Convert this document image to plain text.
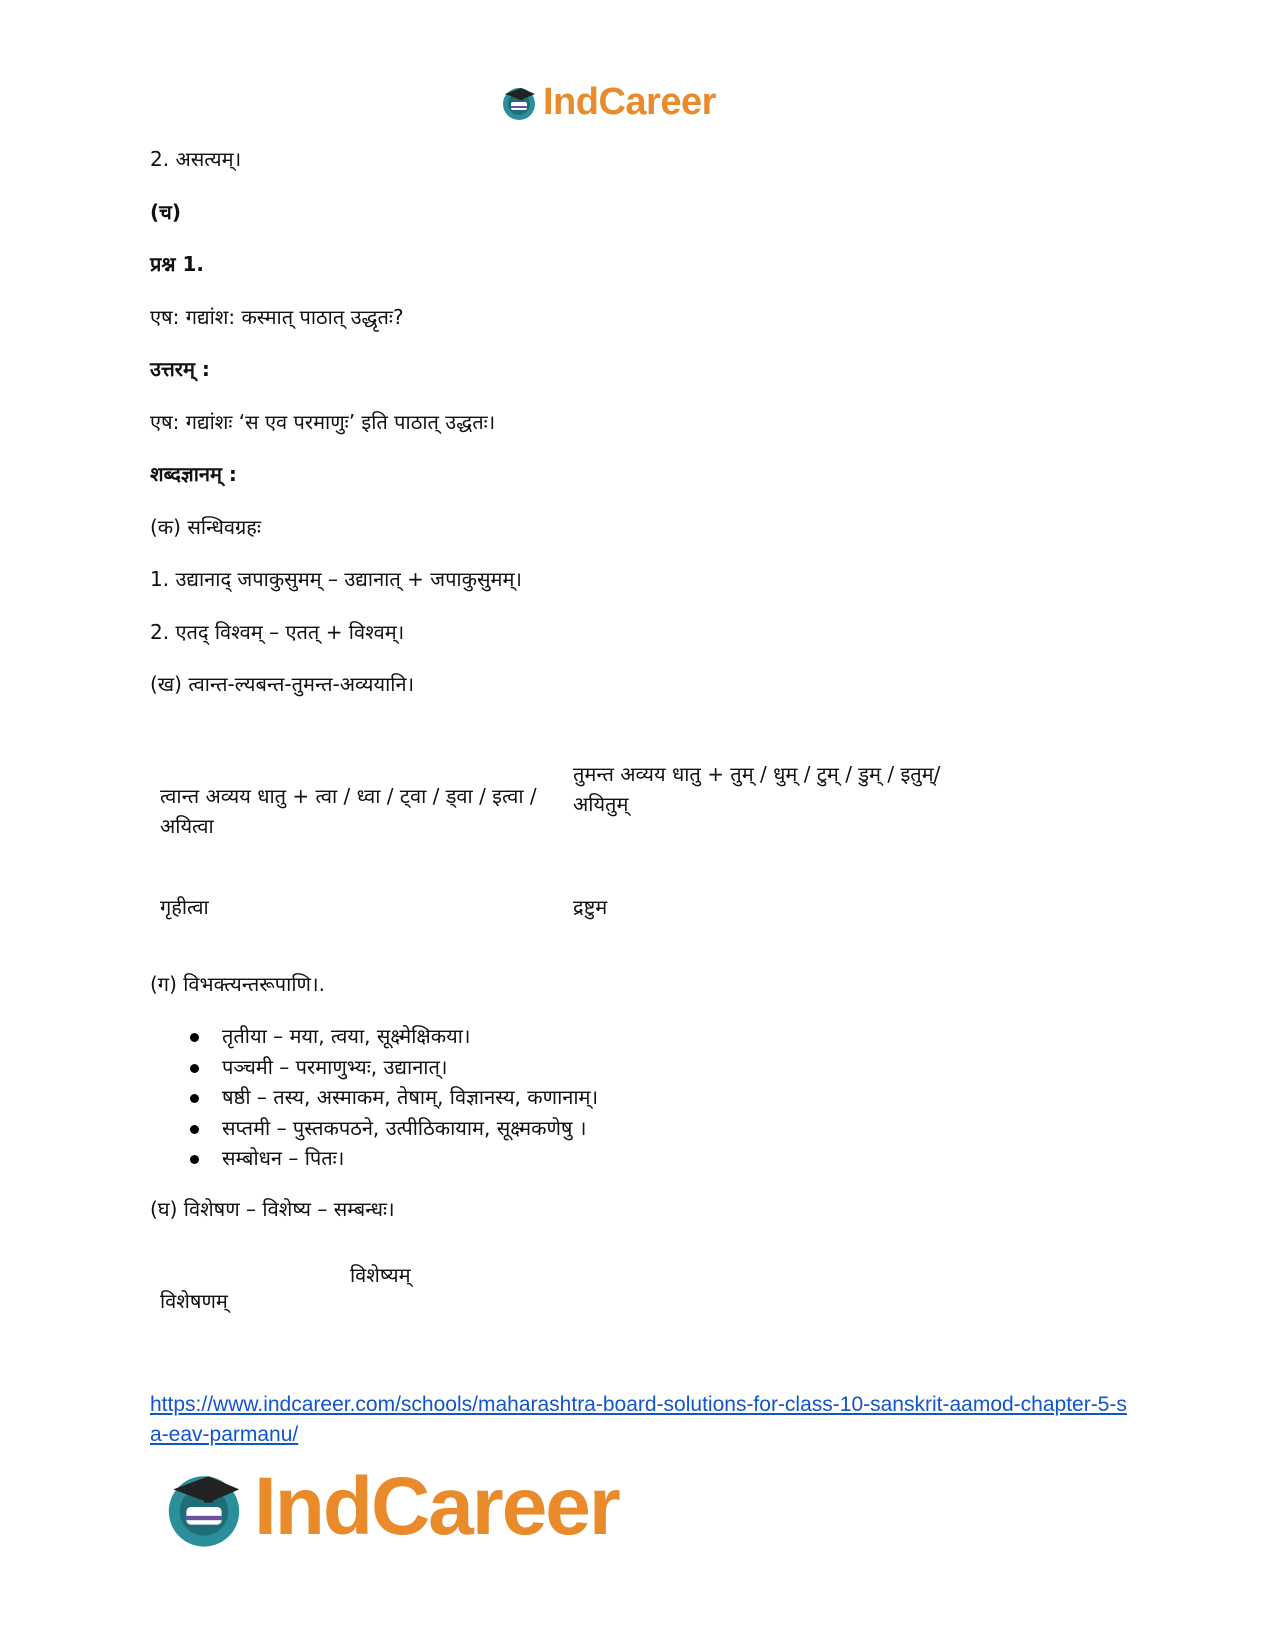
IndCareer
2. असत्यम्।
(च)
प्रश्न 1.
एष: गद्यांश: कस्मात् पाठात् उद्धृतः?
उत्तरम् :
एष: गद्यांशः ‘स एव परमाणुः’ इति पाठात् उद्धतः।
शब्दज्ञानम् :
(क) सन्धिवग्रहः
1. उद्यानाद् जपाकुसुमम् – उद्यानात् + जपाकुसुमम्।
2. एतद् विश्वम् – एतत् + विश्वम्।
(ख) त्वान्त-ल्यबन्त-तुमन्त-अव्ययानि।
त्वान्त अव्यय धातु + त्वा / ध्वा / ट्वा / ड्वा / इत्वा /अयित्वा
तुमन्त अव्यय धातु + तुम् / धुम् / टुम् / डुम् / इतुम्/अयितुम्
गृहीत्वा	द्रष्टुम
(ग) विभक्त्यन्तरूपाणि।.
तृतीया – मया, त्वया, सूक्ष्मेक्षिकया।
पञ्चमी – परमाणुभ्यः, उद्यानात्।
षष्ठी – तस्य, अस्माकम, तेषाम्, विज्ञानस्य, कणानाम्।
सप्तमी – पुस्तकपठने, उत्पीठिकायाम, सूक्ष्मकणेषु ।
सम्बोधन – पितः।
(घ) विशेषण – विशेष्य – सम्बन्धः।
विशेषणम्
विशेष्यम्
https://www.indcareer.com/schools/maharashtra-board-solutions-for-class-10-sanskrit-aamod-chapter-5-sa-eav-parmanu/
IndCareer
